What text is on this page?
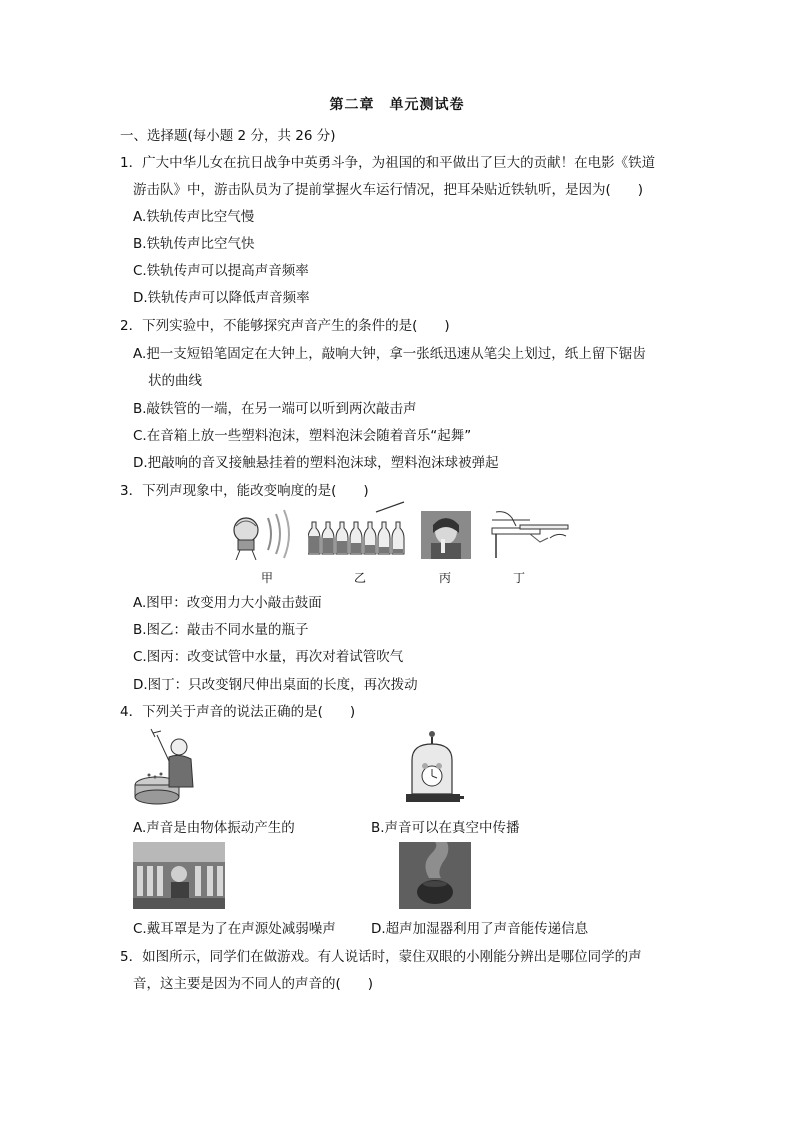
第二章　单元测试卷
一、选择题(每小题 2 分，共 26 分)
1．广大中华儿女在抗日战争中英勇斗争，为祖国的和平做出了巨大的贡献！在电影《铁道
游击队》中，游击队员为了提前掌握火车运行情况，把耳朵贴近铁轨听，是因为(　　)
A.铁轨传声比空气慢
B.铁轨传声比空气快
C.铁轨传声可以提高声音频率
D.铁轨传声可以降低声音频率
2．下列实验中，不能够探究声音产生的条件的是(　　)
A.把一支短铅笔固定在大钟上，敲响大钟，拿一张纸迅速从笔尖上划过，纸上留下锯齿
状的曲线
B.敲铁管的一端，在另一端可以听到两次敲击声
C.在音箱上放一些塑料泡沫，塑料泡沫会随着音乐“起舞”
D.把敲响的音叉接触悬挂着的塑料泡沫球，塑料泡沫球被弹起
3．下列声现象中，能改变响度的是(　　)
甲	乙	丙	丁
A.图甲：改变用力大小敲击鼓面
B.图乙：敲击不同水量的瓶子
C.图丙：改变试管中水量，再次对着试管吹气
D.图丁：只改变钢尺伸出桌面的长度，再次拨动
4．下列关于声音的说法正确的是(　　)
A.声音是由物体振动产生的	B.声音可以在真空中传播
C.戴耳罩是为了在声源处减弱噪声	D.超声加湿器利用了声音能传递信息
5．如图所示，同学们在做游戏。有人说话时，蒙住双眼的小刚能分辨出是哪位同学的声
音，这主要是因为不同人的声音的(　　)
